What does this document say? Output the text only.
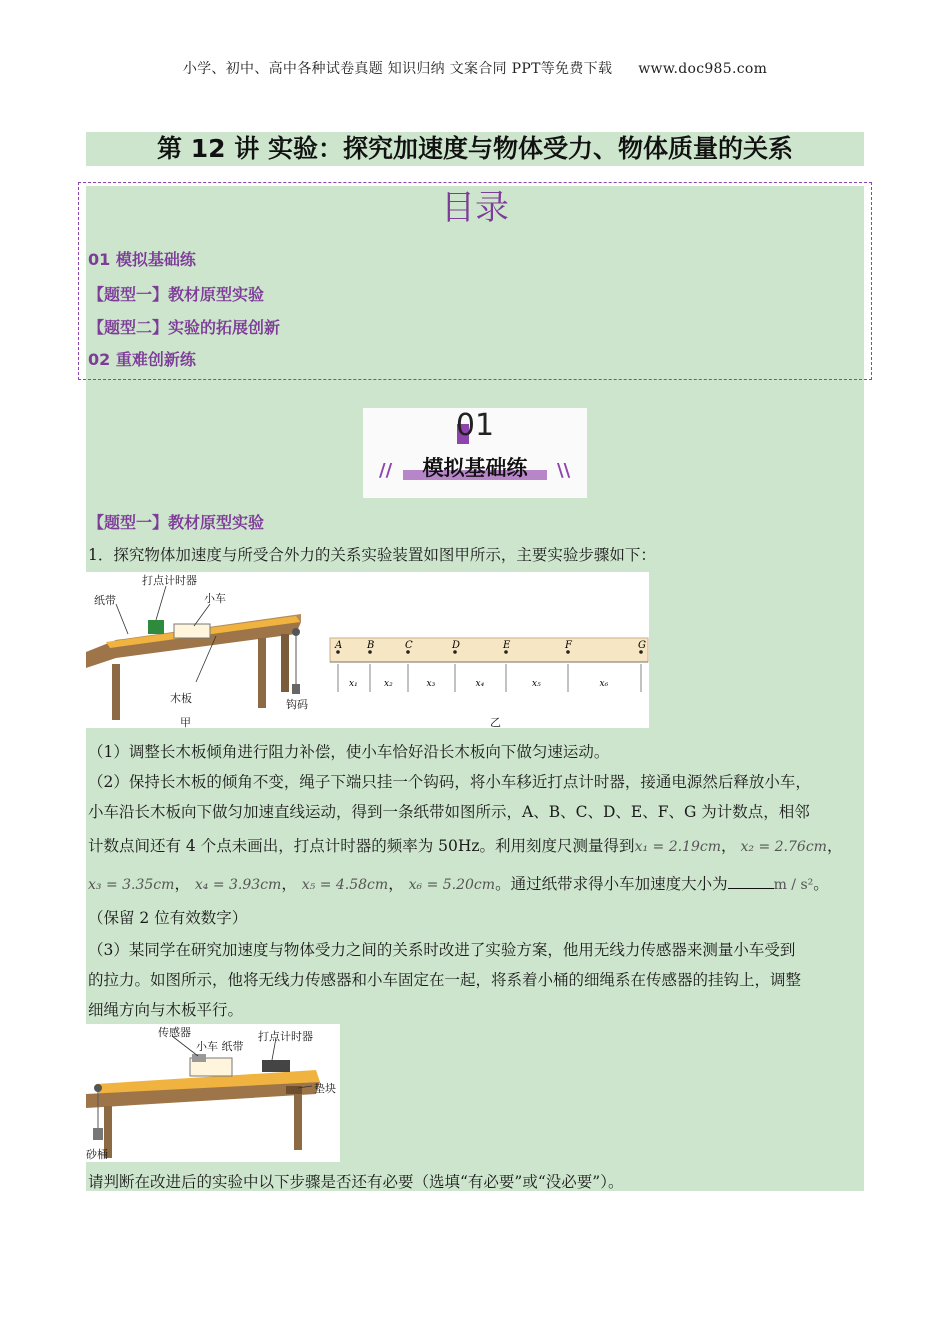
小学、初中、高中各种试卷真题 知识归纳 文案合同 PPT等免费下载 www.doc985.com
第 12 讲 实验：探究加速度与物体受力、物体质量的关系
目录
01 模拟基础练
【题型一】教材原型实验
【题型二】实验的拓展创新
02 重难创新练
01
模拟基础练
//	\\
【题型一】教材原型实验
1．探究物体加速度与所受合外力的关系实验装置如图甲所示，主要实验步骤如下：
A B	C	D	E	F	G
x₁	x₂	x₃	x₄	x₅	x₆
打点计时器
纸带	小车
木板	钩码
甲	乙
（1）调整长木板倾角进行阻力补偿，使小车恰好沿长木板向下做匀速运动。
（2）保持长木板的倾角不变，绳子下端只挂一个钩码，将小车移近打点计时器，接通电源然后释放小车，
小车沿长木板向下做匀加速直线运动，得到一条纸带如图所示，A、B、C、D、E、F、G 为计数点，相邻
计数点间还有 4 个点未画出，打点计时器的频率为 50Hz。利用刻度尺测量得到x₁ = 2.19cm， x₂ = 2.76cm，
x₃ = 3.35cm， x₄ = 3.93cm， x₅ = 4.58cm， x₆ = 5.20cm。通过纸带求得小车加速度大小为	m / s²。
（保留 2 位有效数字）
（3）某同学在研究加速度与物体受力之间的关系时改进了实验方案，他用无线力传感器来测量小车受到
的拉力。如图所示，他将无线力传感器和小车固定在一起，将系着小桶的细绳系在传感器的挂钩上，调整
细绳方向与木板平行。
传感器
小车 纸带
打点计时器
垫块
砂桶
请判断在改进后的实验中以下步骤是否还有必要（选填“有必要”或“没必要”）。
